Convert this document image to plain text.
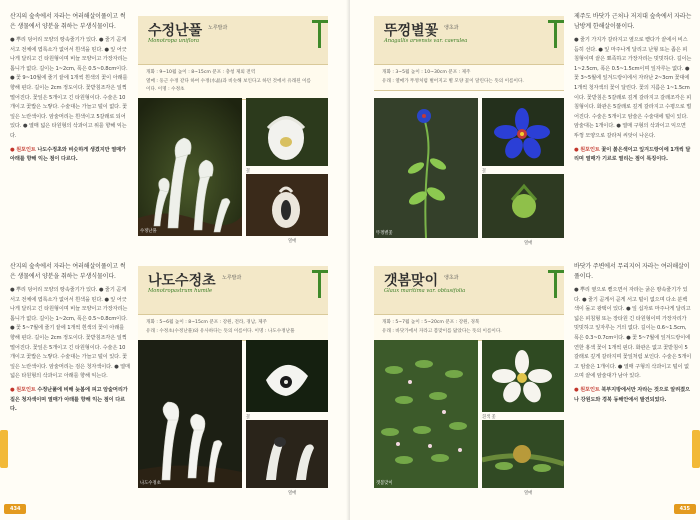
산지의 숲속에서 자라는 여러해살이풀이고 썩은 생물에서 양분을 취하는 부생식물이다.

● 뿌리 덩어리 모양의 땅속줄기가 있다. ● 줄기 곧게 서고 전체에 엽록소가 없어서 흰색을 띤다. ● 잎 어긋나게 달리고 긴 타원형이며 비늘 모양이고 가장자리는 톱니가 없다. 길이는 1~2cm, 폭은 0.5~0.8cm이다. ● 꽃 9~10월에 줄기 끝에 1개씩 흰색의 꽃이 아래를 향해 핀다. 길이는 2cm 정도이다. 꽃받침조각은 일찍 떨어진다. 꽃잎은 5개이고 긴 타원형이다. 수술은 10개이고 꽃밥은 노랗다. 수술대는 가늘고 털이 없다. 꽃잎은 노란색이다. 암술머리는 흰색이고 5갈래로 되어 있다. ● 열매 넓은 타원형의 삭과이고 위를 향해 익는다.

● 원포인트 나도수정초와 비슷하게 생겼지만 열매가 아래를 향해 익는 점이 다르다.

수정난풀 노루발과
Monotropa uniflora
개화 : 9~10월 높이 : 8~15cm 분포 : 충청 제외 전역
열매 : 둥근 수정 같다 하여 수정(水晶)과 비슷해 보인다고 하던 것에서 유래된 이름
이다. 이명 : 수정초
수정난풀
꽃
열매

산지의 숲속에서 자라는 여러해살이풀이고 썩은 생물에서 양분을 취하는 부생식물이다.

● 뿌리 덩어리 모양의 땅속줄기가 있다. ● 줄기 곧게 서고 전체에 엽록소가 없어서 흰색을 띤다. ● 잎 어긋나게 달리고 긴 타원형이며 비늘 모양이고 가장자리는 톱니가 없다. 길이는 1~2cm, 폭은 0.5~0.8cm이다. ● 꽃 5~7월에 줄기 끝에 1개씩 흰색의 꽃이 아래를 향해 핀다. 길이는 2cm 정도이다. 꽃받침조각은 일찍 떨어진다. 꽃잎은 5개이고 긴 타원형이다. 수술은 10개이고 꽃밥은 노랗다. 수술대는 가늘고 털이 있다. 꽃잎은 노란색이다. 암술머리는 검은 청자색이다. ● 열매 넓은 타원형의 삭과이고 아래를 향해 익는다.

● 원포인트 수정난풀에 비해 늦봄에 피고 암술머리가 짙은 청자색이며 열매가 아래를 향해 익는 점이 다르다.

나도수정초 노루발과
Monotropastrum humile
개화 : 5~6월 높이 : 8~15cm 분포 : 강원, 전라, 경남, 제주
유래 : 수정초(수정난풀)와 유사하다는 뜻의 이름이다. 이명 : 나도수정난풀
나도수정초
꽃
열매
434
뚜껑별꽃 앵초과
Anagallis arvensis var. caerulea
개화 : 3~5월 높이 : 10~30cm 분포 : 제주
유래 : 열매가 뚜껑처럼 벌어지고 별 모양 꽃이 달린다는 뜻의 이름이다.
뚜껑별꽃
꽃
열매

제주도 바닷가 근처나 저지대 숲속에서 자라는 남방계 한해살이풀이다.

● 줄기 가지가 갈라지고 옆으로 뻗다가 끝에서 비스듬히 선다. ● 잎 마주나게 달리고 난형 또는 좁은 피침형이며 끝은 뾰족하고 가장자리는 밋밋하다. 길이는 1~2.5cm, 폭은 0.5~1.5cm이며 잎자루는 없다. ● 꽃 3~5월에 잎겨드랑이에서 자라난 2~3cm 꽃대에 1개씩 청자색의 꽃이 달린다. 꽃의 지름은 1~1.5cm이다. 꽃받침은 5갈래로 깊게 갈라지고 갈래조각은 피침형이다. 화관은 5갈래로 깊게 갈라지고 수평으로 벌어진다. 수술은 5개이고 암술은 수술대에 털이 있다. 암술대는 1개이다. ● 열매 구형의 삭과이고 익으면 뚜껑 모양으로 갈라져 씨앗이 나온다.

● 원포인트 꽃이 붉은색이고 잎겨드랑이에 1개씩 달리며 열매가 기르로 열리는 점이 특징이다.

갯봄맞이 앵초과
Glaux maritima var. obtusifolia
개화 : 5~7월 높이 : 5~20cm 분포 : 강원, 경북
유래 : 바닷가에서 자라고 봄맞이를 닮았다는 뜻의 이름이다.
갯봄맞이
흰색 꽃
열매

바닷가 주변에서 무리지어 자라는 여러해살이풀이다.

● 뿌리 옆으로 뻗으면서 자라는 굵은 땅속줄기가 있다. ● 줄기 곧게서 곧게 서고 털이 없으며 다소 분백색이 돌고 광택이 있다. ● 잎 십자로 마주나게 달리고 넓은 피침형 또는 장타원 긴 타원형이며 가장자리가 밋밋하고 잎자루는 거의 없다. 길이는 0.6~1.5cm, 폭은 0.3~0.7cm이다. ● 꽃 5~7월에 잎겨드랑이에 연한 홍색 꽃이 1개씩 핀다. 화관은 없고 꽃받침이 5갈래로 깊게 갈라지며 꽃잎처럼 보인다. 수술은 5개이고 암술은 1개이다. ● 열매 구형의 삭과이고 털이 없으며 끝에 암술대가 남아 있다.

● 원포인트 북부지방에서만 자라는 것으로 알려졌으나 강원도와 경북 동해안에서 발견되었다.

435
